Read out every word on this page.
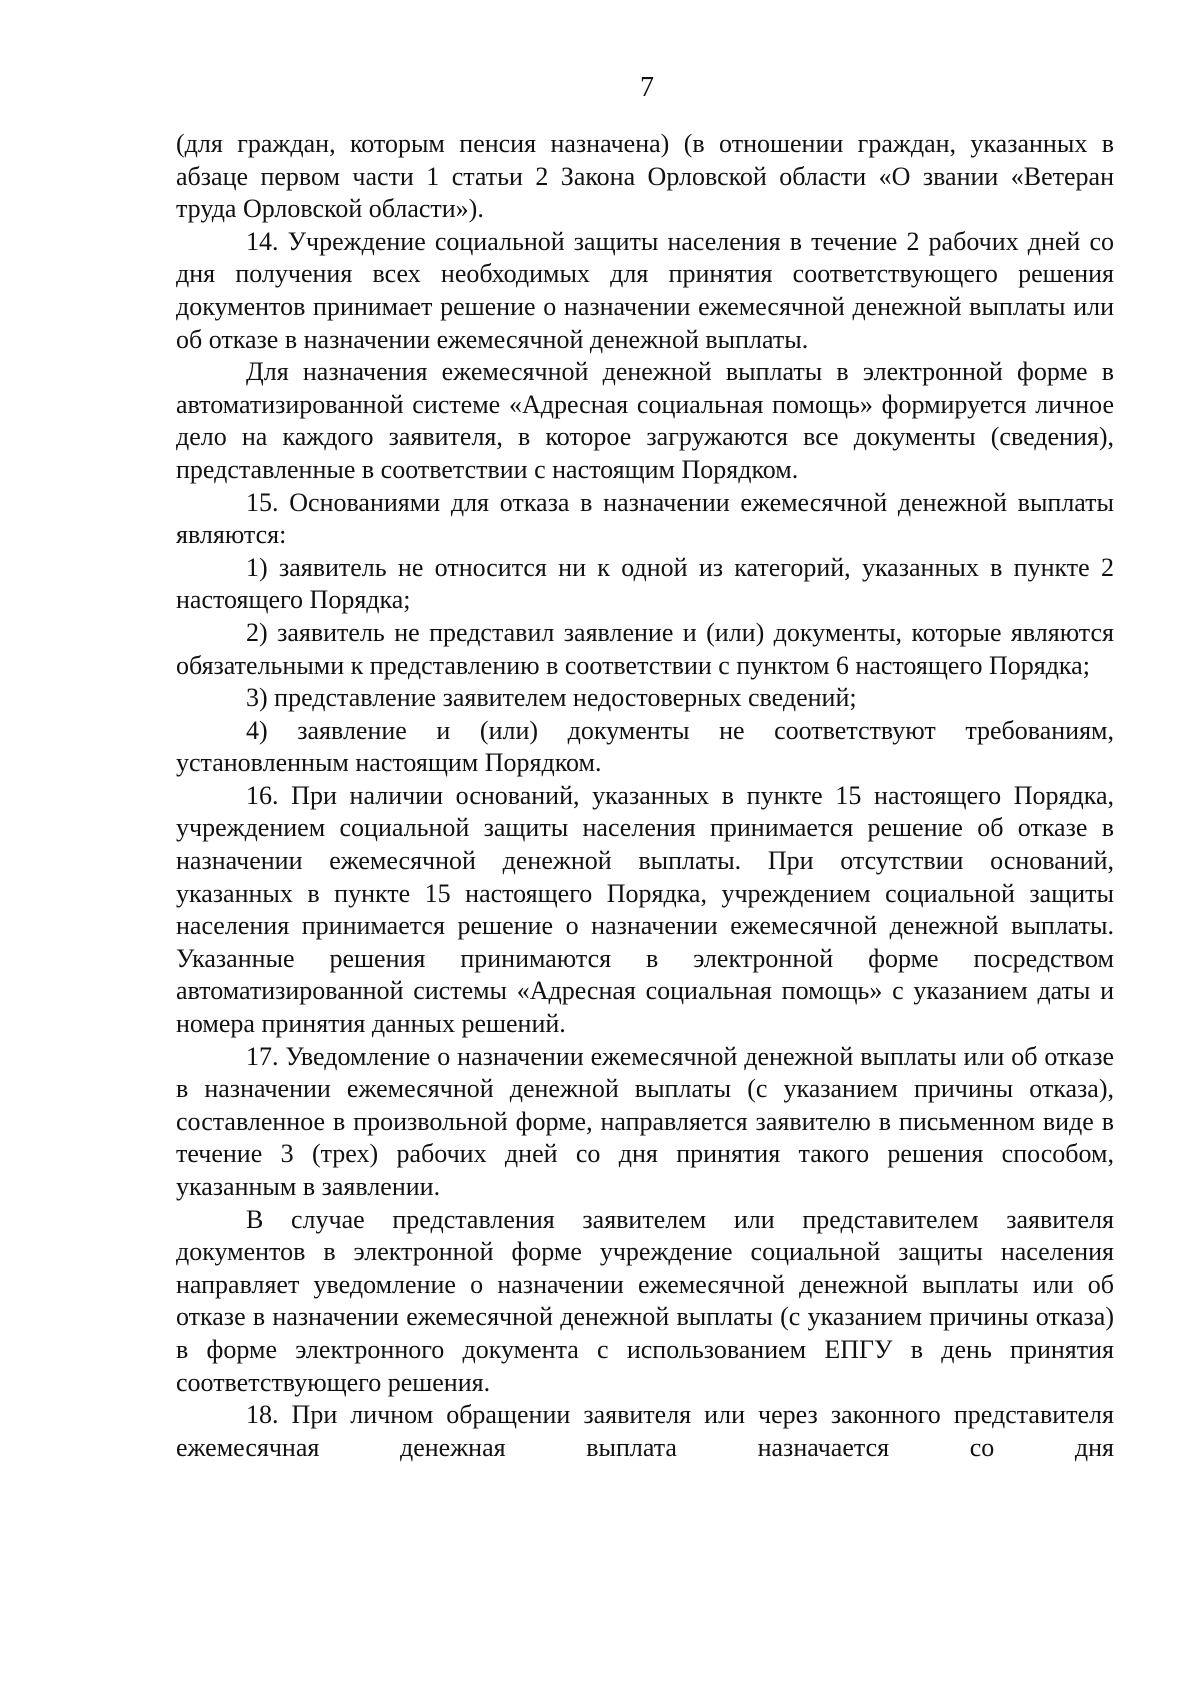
7

(для граждан, которым пенсия назначена) (в отношении граждан, указанных в абзаце первом части 1 статьи 2 Закона Орловской области «О звании «Ветеран труда Орловской области»).

14. Учреждение социальной защиты населения в течение 2 рабочих дней со дня получения всех необходимых для принятия соответствующего решения документов принимает решение о назначении ежемесячной денежной выплаты или об отказе в назначении ежемесячной денежной выплаты.

Для назначения ежемесячной денежной выплаты в электронной форме в автоматизированной системе «Адресная социальная помощь» формируется личное дело на каждого заявителя, в которое загружаются все документы (сведения), представленные в соответствии с настоящим Порядком.

15. Основаниями для отказа в назначении ежемесячной денежной выплаты являются:

1) заявитель не относится ни к одной из категорий, указанных в пункте 2 настоящего Порядка;

2) заявитель не представил заявление и (или) документы, которые являются обязательными к представлению в соответствии с пунктом 6 настоящего Порядка;

3) представление заявителем недостоверных сведений;

4) заявление и (или) документы не соответствуют требованиям, установленным настоящим Порядком.

16. При наличии оснований, указанных в пункте 15 настоящего Порядка, учреждением социальной защиты населения принимается решение об отказе в назначении ежемесячной денежной выплаты. При отсутствии оснований, указанных в пункте 15 настоящего Порядка, учреждением социальной защиты населения принимается решение о назначении ежемесячной денежной выплаты. Указанные решения принимаются в электронной форме посредством автоматизированной системы «Адресная социальная помощь» с указанием даты и номера принятия данных решений.

17. Уведомление о назначении ежемесячной денежной выплаты или об отказе в назначении ежемесячной денежной выплаты (с указанием причины отказа), составленное в произвольной форме, направляется заявителю в письменном виде в течение 3 (трех) рабочих дней со дня принятия такого решения способом, указанным в заявлении.

В случае представления заявителем или представителем заявителя документов в электронной форме учреждение социальной защиты населения направляет уведомление о назначении ежемесячной денежной выплаты или об отказе в назначении ежемесячной денежной выплаты (с указанием причины отказа) в форме электронного документа с использованием ЕПГУ в день принятия соответствующего решения.

18. При личном обращении заявителя или через законного представителя ежемесячная денежная выплата назначается со дня
